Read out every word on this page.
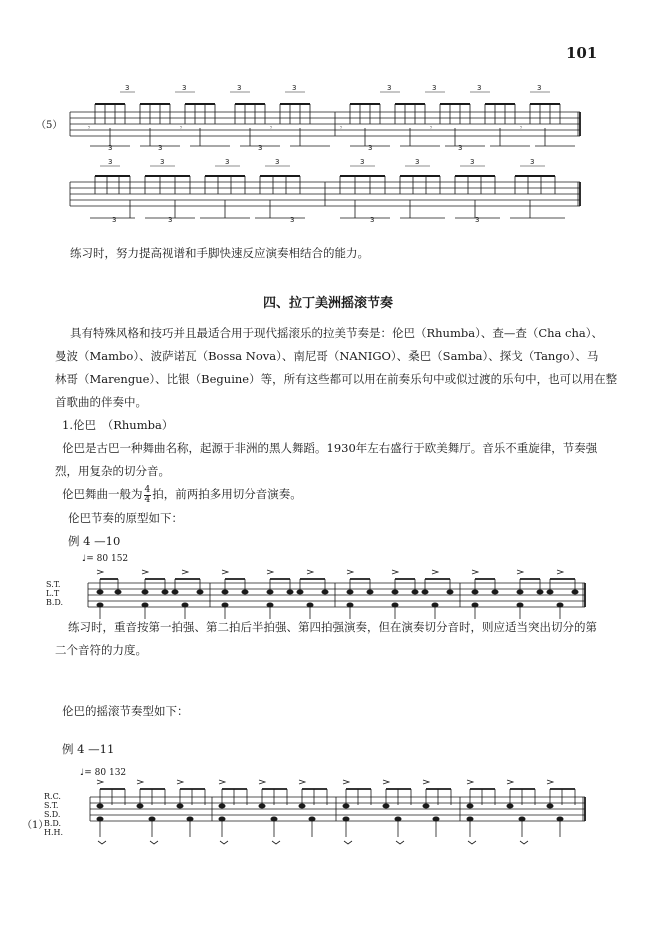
101
（5）
3	3	3	3	3	3	3	3
3	3	3	3	3
𝄾	𝄾	𝄾	𝄾	𝄾	𝄾
3	3	3	3	3	3	3	3
3	3	3	3	3
练习时，努力提高视谱和手脚快速反应演奏相结合的能力。
四、拉丁美洲摇滚节奏
具有特殊风格和技巧并且最适合用于现代摇滚乐的拉美节奏是：伦巴（Rhumba）、查—查（Cha cha）、
曼波（Mambo）、波萨诺瓦（Bossa Nova）、南尼哥（NANIGO）、桑巴（Samba）、探戈（Tango）、马
林哥（Marengue）、比银（Beguine）等，所有这些都可以用在前奏乐句中或似过渡的乐句中，也可以用在整
首歌曲的伴奏中。
1.伦巴　（Rhumba）
伦巴是古巴一种舞曲名称，起源于非洲的黑人舞蹈。1930年左右盛行于欧美舞厅。音乐不重旋律，节奏强
烈，用复杂的切分音。
伦巴舞曲一般为 $\frac{4}{4}$ 拍，前两拍多用切分音演奏。
伦巴节奏的原型如下：
例 4 —10
♩= 80 152
S.T.
L.T
B.D.
练习时，重音按第一拍强、第二拍后半拍强、第四拍强演奏，但在演奏切分音时，则应适当突出切分的第
二个音符的力度。
伦巴的摇滚节奏型如下：
例 4 —11
♩= 80 132
R.C.
S.T.
S.D.
B.D.
H.H.
（1）
